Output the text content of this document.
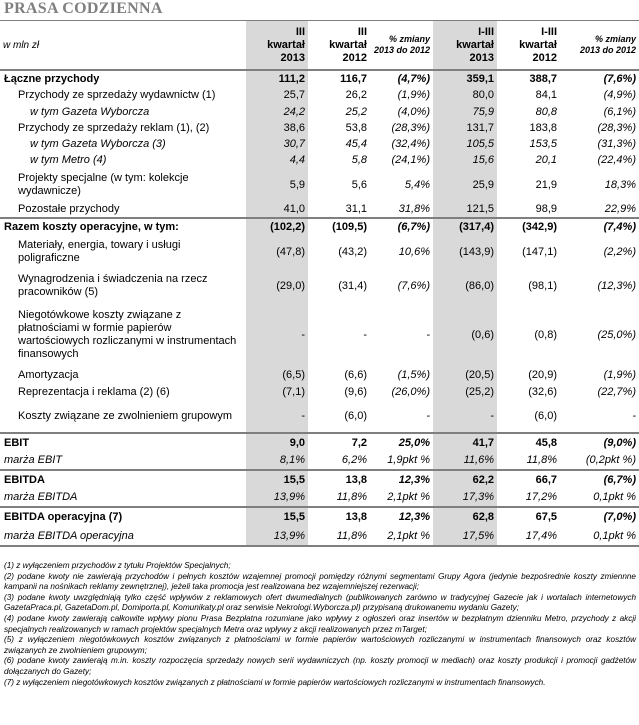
PRASA CODZIENNA
w mln zł	III
kwartał
2013	III
kwartał
2012	% zmiany
2013 do 2012	I-III
kwartał
2013	I-III
kwartał
2012	% zmiany
2013 do 2012
Łączne przychody	111,2	116,7	(4,7%)	359,1	388,7	(7,6%)
Przychody ze sprzedaży wydawnictw (1)	25,7	26,2	(1,9%)	80,0	84,1	(4,9%)
w tym Gazeta Wyborcza	24,2	25,2	(4,0%)	75,9	80,8	(6,1%)
Przychody ze sprzedaży reklam (1), (2)	38,6	53,8	(28,3%)	131,7	183,8	(28,3%)
w tym Gazeta Wyborcza (3)	30,7	45,4	(32,4%)	105,5	153,5	(31,3%)
w tym Metro (4)	4,4	5,8	(24,1%)	15,6	20,1	(22,4%)
Projekty specjalne (w tym: kolekcje wydawnicze)	5,9	5,6	5,4%	25,9	21,9	18,3%
Pozostałe przychody	41,0	31,1	31,8%	121,5	98,9	22,9%
Razem koszty operacyjne, w tym:	(102,2)	(109,5)	(6,7%)	(317,4)	(342,9)	(7,4%)
Materiały, energia, towary i usługi poligraficzne	(47,8)	(43,2)	10,6%	(143,9)	(147,1)	(2,2%)
Wynagrodzenia i świadczenia na rzecz pracowników (5)	(29,0)	(31,4)	(7,6%)	(86,0)	(98,1)	(12,3%)
Niegotówkowe koszty związane z płatnościami w formie papierów wartościowych rozliczanymi w instrumentach finansowych	-	-	-	(0,6)	(0,8)	(25,0%)
Amortyzacja	(6,5)	(6,6)	(1,5%)	(20,5)	(20,9)	(1,9%)
Reprezentacja i reklama (2) (6)	(7,1)	(9,6)	(26,0%)	(25,2)	(32,6)	(22,7%)
Koszty związane ze zwolnieniem grupowym	-	(6,0)	-	-	(6,0)	-
EBIT	9,0	7,2	25,0%	41,7	45,8	(9,0%)
marża EBIT	8,1%	6,2%	1,9pkt %	11,6%	11,8%	(0,2pkt %)
EBITDA	15,5	13,8	12,3%	62,2	66,7	(6,7%)
marża EBITDA	13,9%	11,8%	2,1pkt %	17,3%	17,2%	0,1pkt %
EBITDA operacyjna (7)	15,5	13,8	12,3%	62,8	67,5	(7,0%)
marża EBITDA operacyjna	13,9%	11,8%	2,1pkt %	17,5%	17,4%	0,1pkt %

(1) z wyłączeniem przychodów z tytułu Projektów Specjalnych;

(2) podane kwoty nie zawierają przychodów i pełnych kosztów wzajemnej promocji pomiędzy różnymi segmentami Grupy Agora (jedynie bezpośrednie koszty zmiennne kampanii na nośnikach reklamy zewnętrznej), jeżeli taka promocja jest realizowana bez wzajemniejszej rezerwacji;

(3) podane kwoty uwzględniają tylko część wpływów z reklamowych ofert dwumedialnych (publikowanych zarówno w tradycyjnej Gazecie jak i wortalach internetowych GazetaPraca.pl, GazetaDom.pl, Domiporta.pl, Komunikaty.pl oraz serwisie Nekrologi.Wyborcza.pl) przypisaną drukowanemu wydaniu Gazety;

(4) podane kwoty zawierają całkowite wpływy pionu Prasa Bezpłatna rozumiane jako wpływy z ogłoszeń oraz insertów w bezpłatnym dzienniku Metro, przychody z akcji specjalnych realizowanych w ramach projektów specjalnych Metra oraz wpływy z akcji realizowanych przez mTarget;

(5) z wyłączeniem niegotówkowych kosztów związanych z płatnościami w formie papierów wartościowych rozliczanymi w instrumentach finansowych oraz kosztów związanych ze zwolnieniem grupowym;

(6) podane kwoty zawierają m.in. koszty rozpoczęcia sprzedaży nowych serii wydawniczych (np. koszty promocji w mediach) oraz koszty produkcji i promocji gadżetów dołączanych do Gazety;

(7) z wyłączeniem niegotówkowych kosztów związanych z płatnościami w formie papierów wartościowych rozliczanymi w instrumentach finansowych.
